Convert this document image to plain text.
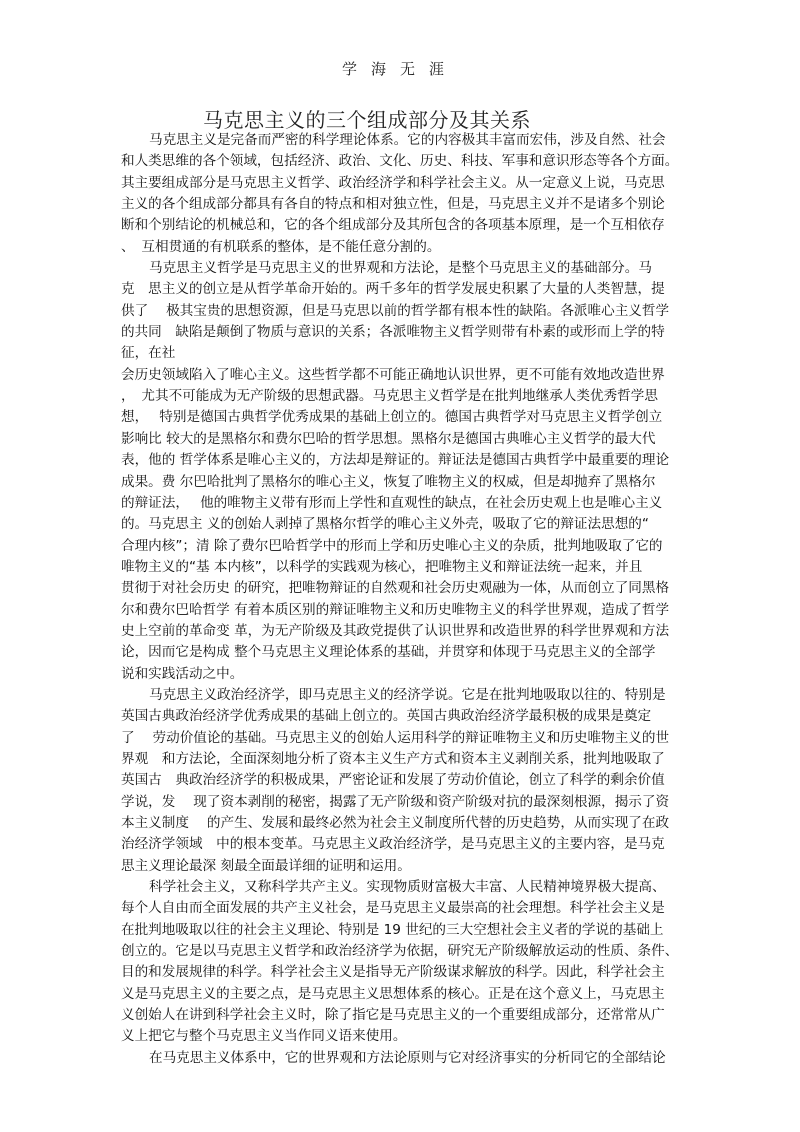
学海无涯
马克思主义的三个组成部分及其关系
马克思主义是完备而严密的科学理论体系。它的内容极其丰富而宏伟，涉及自然、社会
和人类思维的各个领域，包括经济、政治、文化、历史、科技、军事和意识形态等各个方面。
其主要组成部分是马克思主义哲学、政治经济学和科学社会主义。从一定意义上说，马克思
主义的各个组成部分都具有各自的特点和相对独立性，但是，马克思主义并不是诸多个别论
断和个别结论的机械总和，它的各个组成部分及其所包含的各项基本原理，是一个互相依存
、　互相贯通的有机联系的整体，是不能任意分割的。
马克思主义哲学是马克思主义的世界观和方法论，是整个马克思主义的基础部分。马
克　思主义的创立是从哲学革命开始的。两千多年的哲学发展史积累了大量的人类智慧，提
供了　 极其宝贵的思想资源，但是马克思以前的哲学都有根本性的缺陷。各派唯心主义哲学
的共同　缺陷是颠倒了物质与意识的关系；各派唯物主义哲学则带有朴素的或形而上学的特
征，在社
会历史领域陷入了唯心主义。这些哲学都不可能正确地认识世界，更不可能有效地改造世界
，　尤其不可能成为无产阶级的思想武器。马克思主义哲学是在批判地继承人类优秀哲学思
想，　 特别是德国古典哲学优秀成果的基础上创立的。德国古典哲学对马克思主义哲学创立
影响比 较大的是黑格尔和费尔巴哈的哲学思想。黑格尔是德国古典唯心主义哲学的最大代
表，他的 哲学体系是唯心主义的，方法却是辩证的。辩证法是德国古典哲学中最重要的理论
成果。费 尔巴哈批判了黑格尔的唯心主义，恢复了唯物主义的权威，但是却抛弃了黑格尔
的辩证法，　 他的唯物主义带有形而上学性和直观性的缺点，在社会历史观上也是唯心主义
的。马克思主 义的创始人剥掉了黑格尔哲学的唯心主义外壳，吸取了它的辩证法思想的“
合理内核”；清 除了费尔巴哈哲学中的形而上学和历史唯心主义的杂质，批判地吸取了它的
唯物主义的“基 本内核”，以科学的实践观为核心，把唯物主义和辩证法统一起来，并且
贯彻于对社会历史 的研究，把唯物辩证的自然观和社会历史观融为一体，从而创立了同黑格
尔和费尔巴哈哲学 有着本质区别的辩证唯物主义和历史唯物主义的科学世界观，造成了哲学
史上空前的革命变 革，为无产阶级及其政党提供了认识世界和改造世界的科学世界观和方法
论，因而它是构成 整个马克思主义理论体系的基础，并贯穿和体现于马克思主义的全部学
说和实践活动之中。
马克思主义政治经济学，即马克思主义的经济学说。它是在批判地吸取以往的、特别是
英国古典政治经济学优秀成果的基础上创立的。英国古典政治经济学最积极的成果是奠定
了　 劳动价值论的基础。马克思主义的创始人运用科学的辩证唯物主义和历史唯物主义的世
界观　和方法论，全面深刻地分析了资本主义生产方式和资本主义剥削关系，批判地吸取了
英国古　典政治经济学的积极成果，严密论证和发展了劳动价值论，创立了科学的剩余价值
学说，发　 现了资本剥削的秘密，揭露了无产阶级和资产阶级对抗的最深刻根源，揭示了资
本主义制度　 的产生、发展和最终必然为社会主义制度所代替的历史趋势，从而实现了在政
治经济学领域　中的根本变革。马克思主义政治经济学，是马克思主义的主要内容，是马克
思主义理论最深 刻最全面最详细的证明和运用。
科学社会主义，又称科学共产主义。实现物质财富极大丰富、人民精神境界极大提高、
每个人自由而全面发展的共产主义社会，是马克思主义最崇高的社会理想。科学社会主义是
在批判地吸取以往的社会主义理论、特别是 19 世纪的三大空想社会主义者的学说的基础上
创立的。它是以马克思主义哲学和政治经济学为依据，研究无产阶级解放运动的性质、条件、
目的和发展规律的科学。科学社会主义是指导无产阶级谋求解放的科学。因此，科学社会主
义是马克思主义的主要之点，是马克思主义思想体系的核心。正是在这个意义上，马克思主
义创始人在讲到科学社会主义时，除了指它是马克思主义的一个重要组成部分，还常常从广
义上把它与整个马克思主义当作同义语来使用。
在马克思主义体系中，它的世界观和方法论原则与它对经济事实的分析同它的全部结论
